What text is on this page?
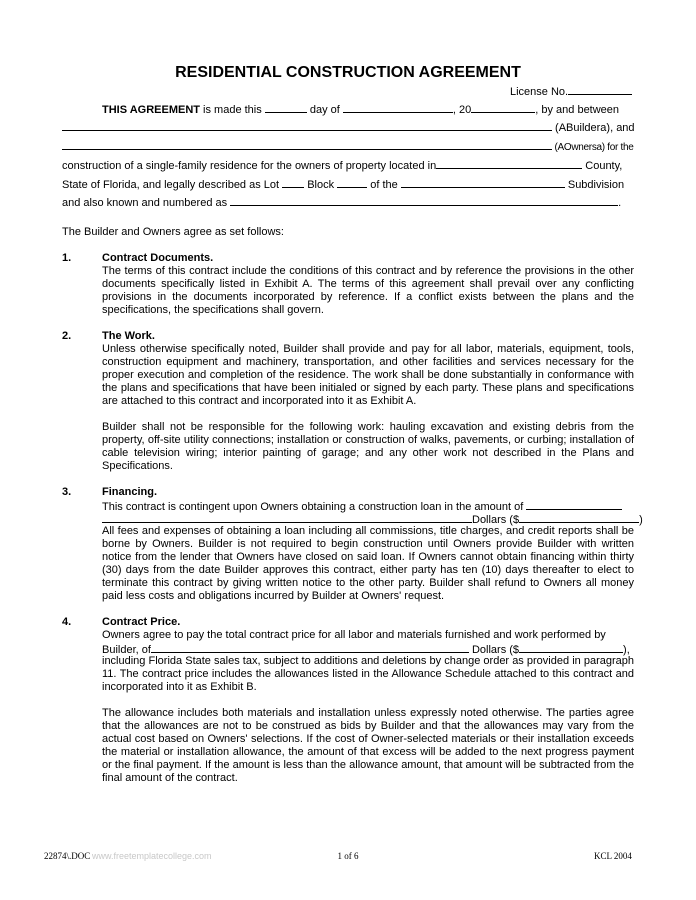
RESIDENTIAL CONSTRUCTION AGREEMENT
License No.
THIS AGREEMENT is made this	day of	, 20	, by and between
(АBuilderа), and
(АOwnersа) for the
construction of a single-family residence for the owners of property located in	County,
State of Florida, and legally described as Lot  Block	of the	Subdivision
and also known and numbered as	.
The Builder and Owners agree as set follows:
1.	Contract Documents.
The terms of this contract include the conditions of this contract and by reference the provisions in the other documents specifically listed in Exhibit A. The terms of this agreement shall prevail over any conflicting provisions in the documents incorporated by reference. If a conflict exists between the plans and the specifications, the specifications shall govern.
2.	The Work.
Unless otherwise specifically noted, Builder shall provide and pay for all labor, materials, equipment, tools, construction equipment and machinery, transportation, and other facilities and services necessary for the proper execution and completion of the residence. The work shall be done substantially in conformance with the plans and specifications that have been initialed or signed by each party. These plans and specifications are attached to this contract and incorporated into it as Exhibit A.
Builder shall not be responsible for the following work: hauling excavation and existing debris from the property, off-site utility connections; installation or construction of walks, pavements, or curbing; installation of cable television wiring; interior painting of garage; and any other work not described in the Plans and Specifications.
3.	Financing.
This contract is contingent upon Owners obtaining a construction loan in the amount of
Dollars ($	)
All fees and expenses of obtaining a loan including all commissions, title charges, and credit reports shall be borne by Owners. Builder is not required to begin construction until Owners provide Builder with written notice from the lender that Owners have closed on said loan. If Owners cannot obtain financing within thirty (30) days from the date Builder approves this contract, either party has ten (10) days thereafter to elect to terminate this contract by giving written notice to the other party. Builder shall refund to Owners all money paid less costs and obligations incurred by Builder at Owners' request.
4.	Contract Price.
Owners agree to pay the total contract price for all labor and materials furnished and work performed by
Builder, of	Dollars ($	),
including Florida State sales tax, subject to additions and deletions by change order as provided in paragraph 11. The contract price includes the allowances listed in the Allowance Schedule attached to this contract and incorporated into it as Exhibit B.
The allowance includes both materials and installation unless expressly noted otherwise. The parties agree that the allowances are not to be construed as bids by Builder and that the allowances may vary from the actual cost based on Owners' selections. If the cost of Owner-selected materials or their installation exceeds the material or installation allowance, the amount of that excess will be added to the next progress payment or the final payment. If the amount is less than the allowance amount, that amount will be subtracted from the final amount of the contract.
22874\.DOC www.freetemplatecollege.com	1 of 6	KCL 2004
